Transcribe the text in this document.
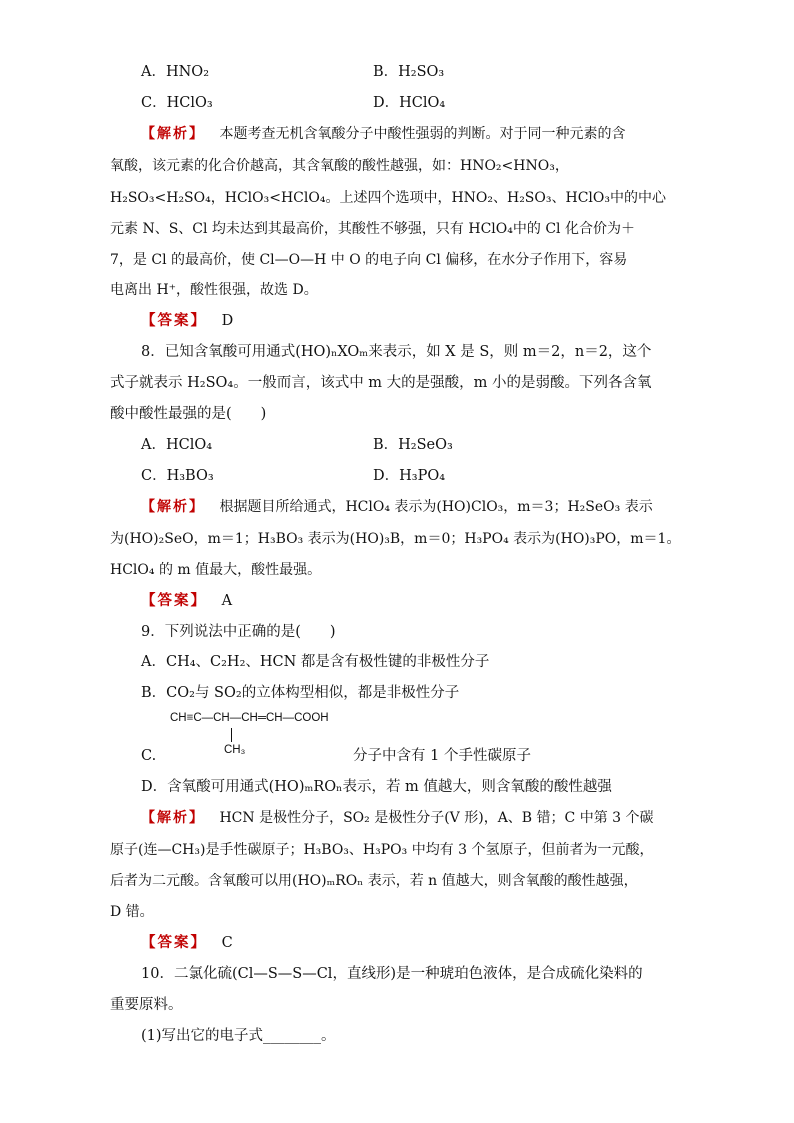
A．HNO₂	B．H₂SO₃
C．HClO₃	D．HClO₄
【解析】 本题考查无机含氧酸分子中酸性强弱的判断。对于同一种元素的含
氧酸，该元素的化合价越高，其含氧酸的酸性越强，如：HNO₂<HNO₃，
H₂SO₃<H₂SO₄，HClO₃<HClO₄。上述四个选项中，HNO₂、H₂SO₃、HClO₃中的中心
元素 N、S、Cl 均未达到其最高价，其酸性不够强，只有 HClO₄中的 Cl 化合价为＋
7，是 Cl 的最高价，使 Cl—O—H 中 O 的电子向 Cl 偏移，在水分子作用下，容易
电离出 H⁺，酸性很强，故选 D。
【答案】 D
8．已知含氧酸可用通式(HO)ₙXOₘ来表示，如 X 是 S，则 m＝2，n＝2，这个
式子就表示 H₂SO₄。一般而言，该式中 m 大的是强酸，m 小的是弱酸。下列各含氧
酸中酸性最强的是(　　)
A．HClO₄	B．H₂SeO₃
C．H₃BO₃	D．H₃PO₄
【解析】 根据题目所给通式，HClO₄ 表示为(HO)ClO₃，m＝3；H₂SeO₃ 表示
为(HO)₂SeO，m＝1；H₃BO₃ 表示为(HO)₃B，m＝0；H₃PO₄ 表示为(HO)₃PO，m＝1。
HClO₄ 的 m 值最大，酸性最强。
【答案】 A
9．下列说法中正确的是(　　)
A．CH₄、C₂H₂、HCN 都是含有极性键的非极性分子
B．CO₂与 SO₂的立体构型相似，都是非极性分子
CH≡C—CH—CH═CH—COOH
CH₃
C.	分子中含有 1 个手性碳原子
D．含氧酸可用通式(HO)ₘROₙ表示，若 m 值越大，则含氧酸的酸性越强
【解析】 HCN 是极性分子，SO₂ 是极性分子(V 形)，A、B 错；C 中第 3 个碳
原子(连—CH₃)是手性碳原子；H₃BO₃、H₃PO₃ 中均有 3 个氢原子，但前者为一元酸，
后者为二元酸。含氧酸可以用(HO)ₘROₙ 表示，若 n 值越大，则含氧酸的酸性越强，
D 错。
【答案】 C
10．二氯化硫(Cl—S—S—Cl，直线形)是一种琥珀色液体，是合成硫化染料的
重要原料。
(1)写出它的电子式________。
